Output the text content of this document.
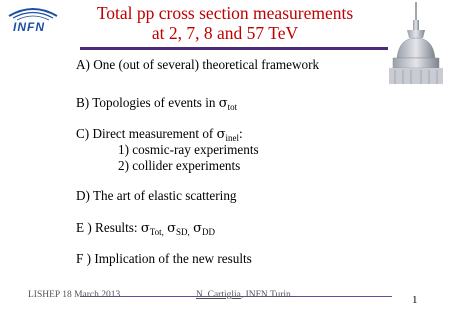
INFN
Total pp cross section measurements
at 2, 7, 8 and 57 TeV
A) One (out of several) theoretical framework
B) Topologies of events in $\sigma_{tot}$
C) Direct measurement of $\sigma_{inel}$:
1) cosmic-ray experiments
2) collider experiments
D) The art of elastic scattering
E ) Results: $\sigma_{Tot,}$ $\sigma_{SD,}$ $\sigma_{DD}$
F ) Implication of the new results
LISHEP 18 March 2013	N. Cartiglia, INFN Turin.	1
